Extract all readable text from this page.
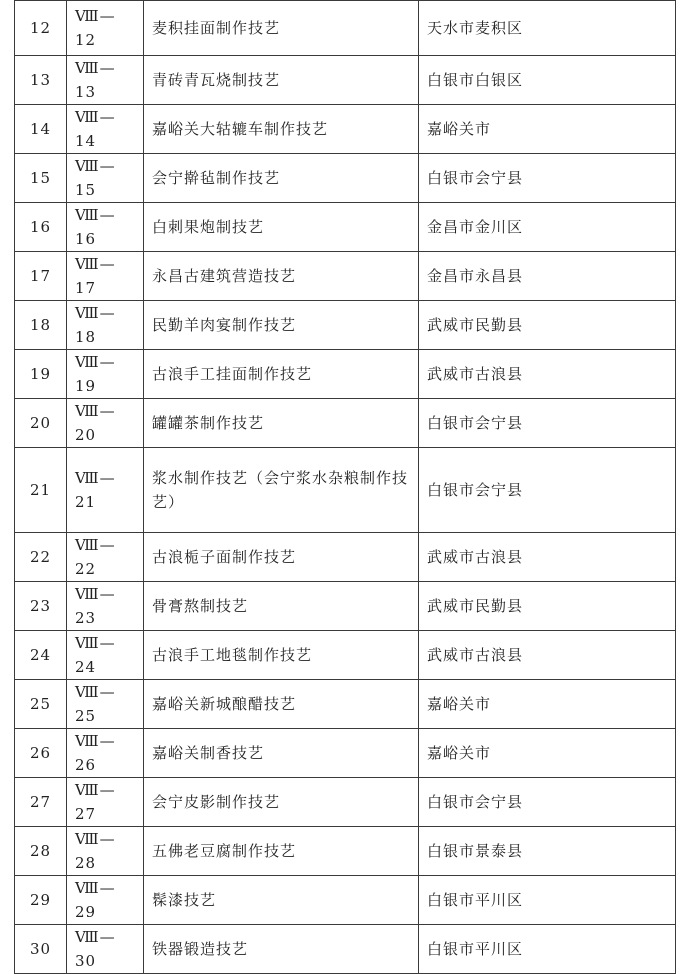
12	Ⅷ—12	麦积挂面制作技艺	天水市麦积区
13	Ⅷ—13	青砖青瓦烧制技艺	白银市白银区
14	Ⅷ—14	嘉峪关大轱辘车制作技艺	嘉峪关市
15	Ⅷ—15	会宁擀毡制作技艺	白银市会宁县
16	Ⅷ—16	白刺果炮制技艺	金昌市金川区
17	Ⅷ—17	永昌古建筑营造技艺	金昌市永昌县
18	Ⅷ—18	民勤羊肉宴制作技艺	武威市民勤县
19	Ⅷ—19	古浪手工挂面制作技艺	武威市古浪县
20	Ⅷ—20	罐罐茶制作技艺	白银市会宁县
21	Ⅷ—21	浆水制作技艺（会宁浆水杂粮制作技艺）	白银市会宁县
22	Ⅷ—22	古浪栀子面制作技艺	武威市古浪县
23	Ⅷ—23	骨膏熬制技艺	武威市民勤县
24	Ⅷ—24	古浪手工地毯制作技艺	武威市古浪县
25	Ⅷ—25	嘉峪关新城酿醋技艺	嘉峪关市
26	Ⅷ—26	嘉峪关制香技艺	嘉峪关市
27	Ⅷ—27	会宁皮影制作技艺	白银市会宁县
28	Ⅷ—28	五佛老豆腐制作技艺	白银市景泰县
29	Ⅷ—29	髹漆技艺	白银市平川区
30	Ⅷ—30	铁器锻造技艺	白银市平川区
